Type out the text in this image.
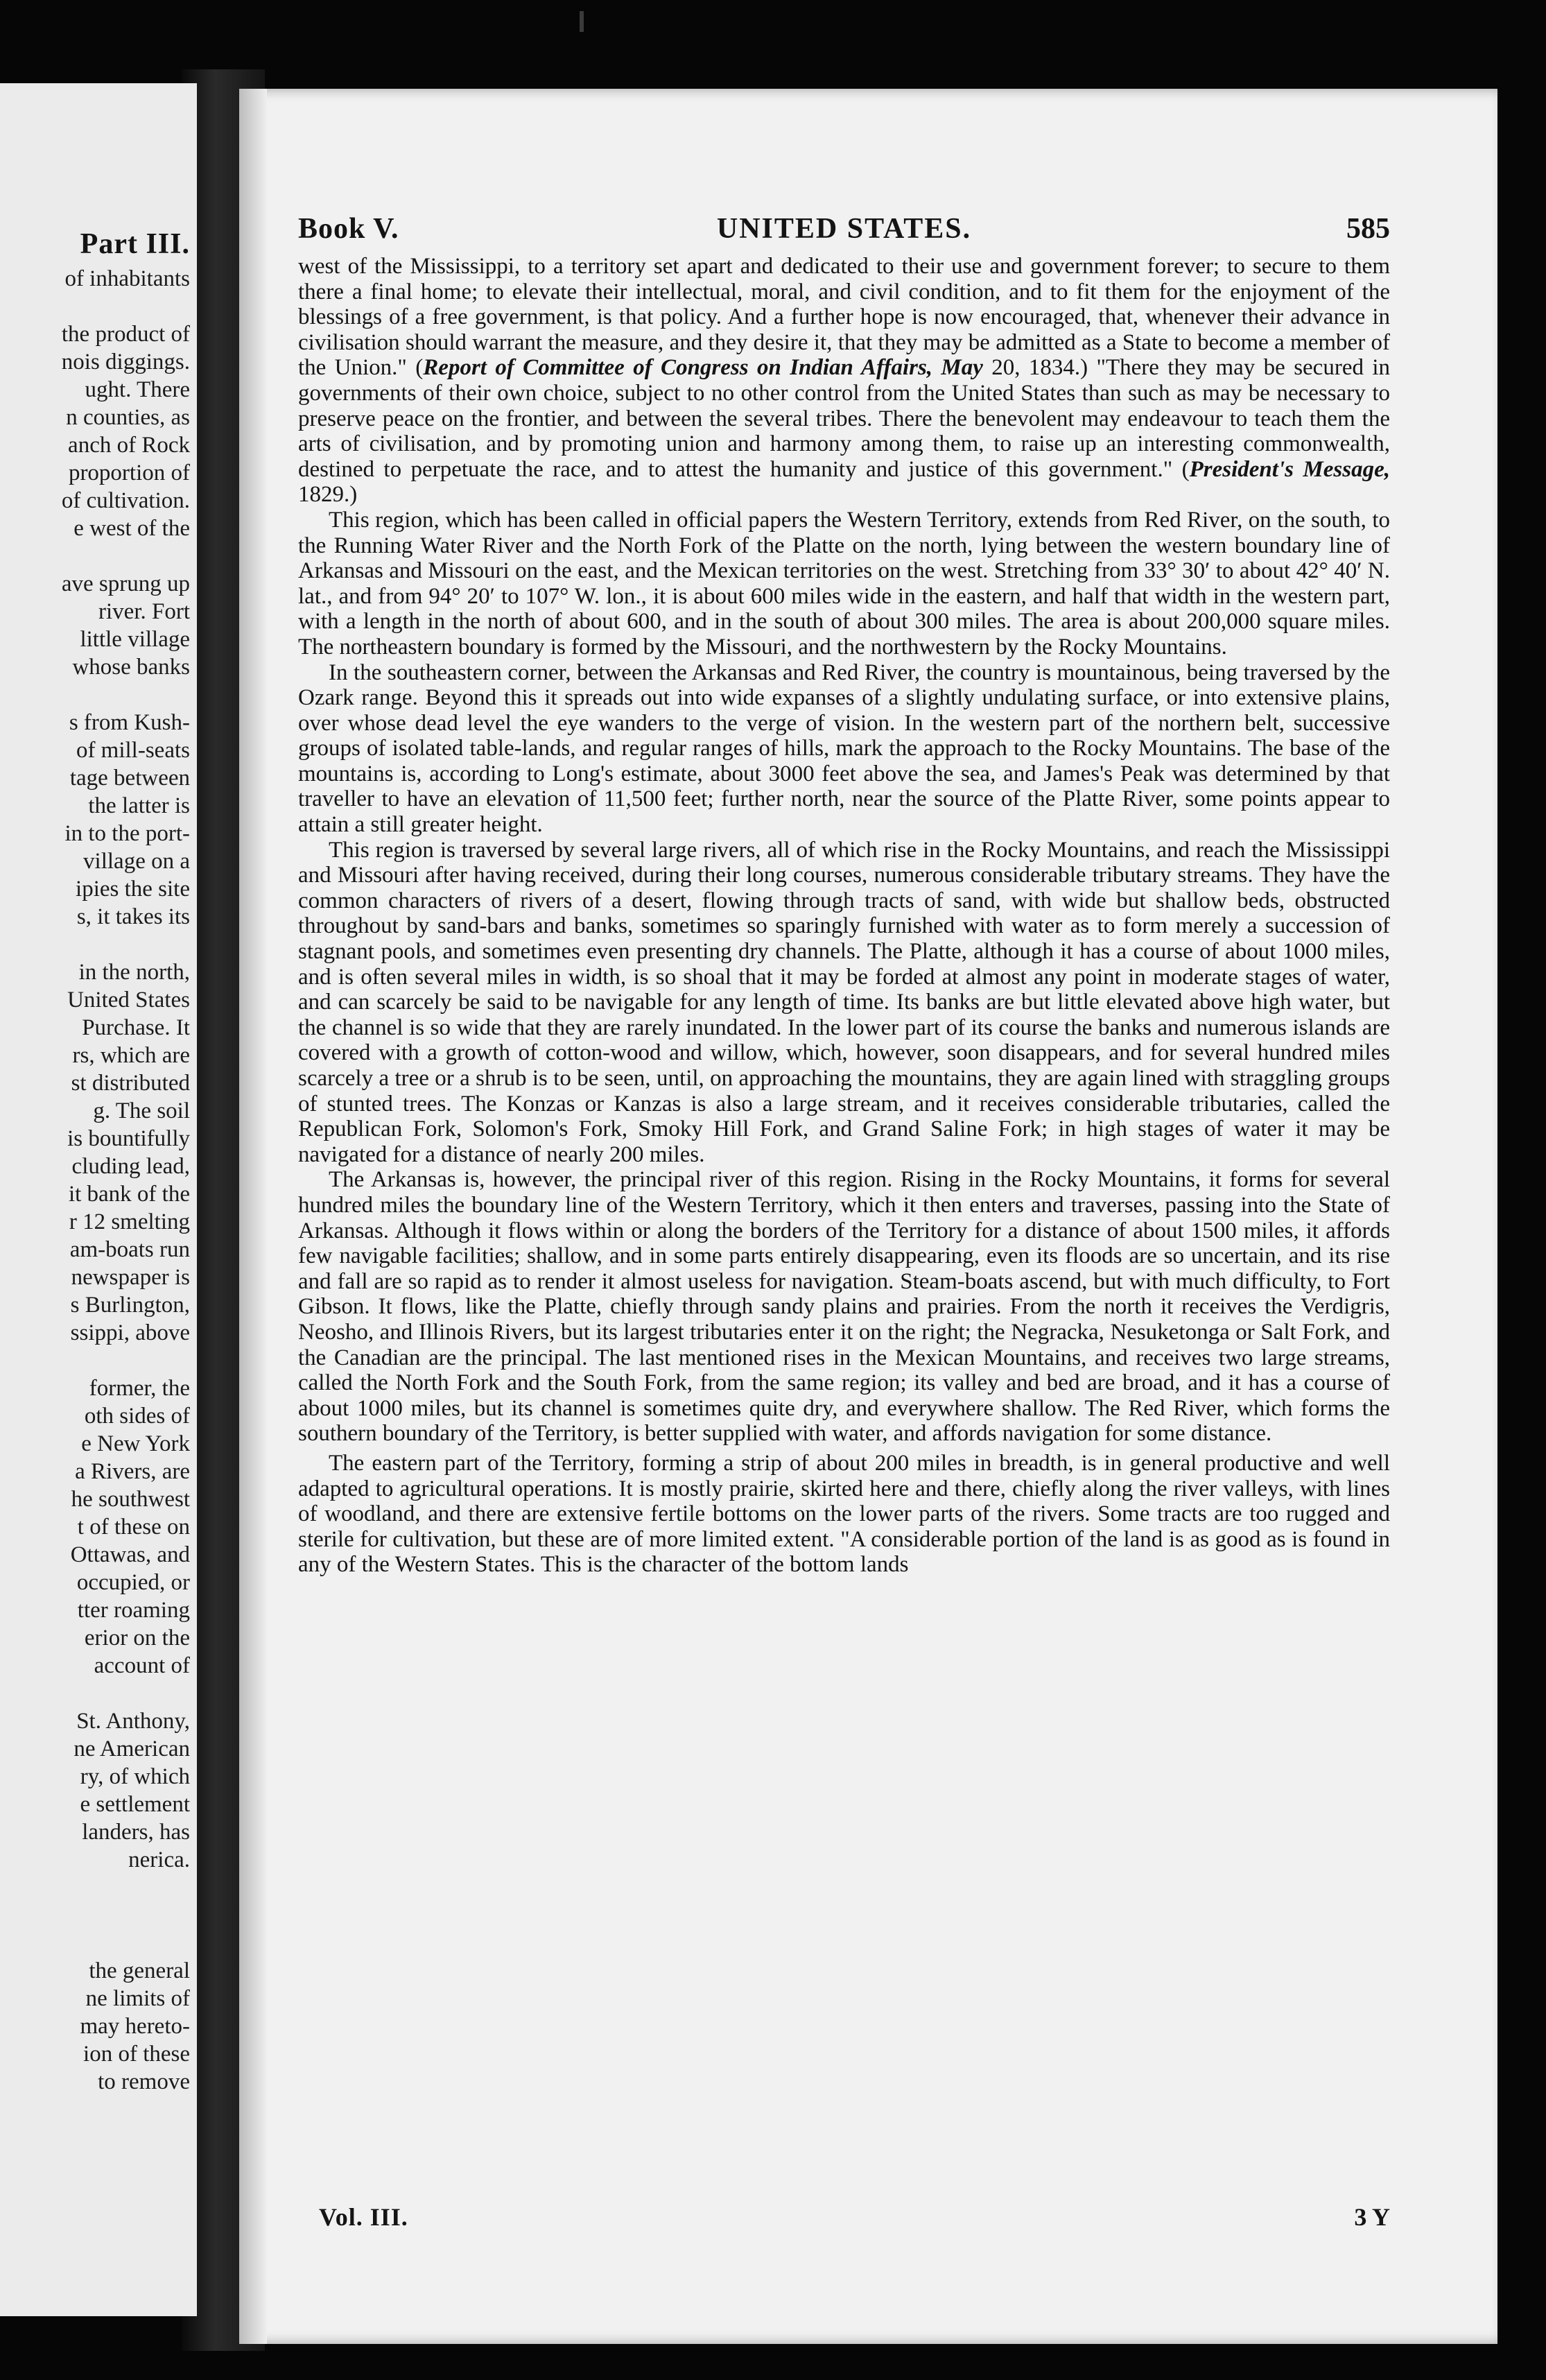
Part III.
of inhabitants
the product of
nois diggings.
ught. There
n counties, as
anch of Rock
proportion of
of cultivation.
e west of the
ave sprung up
river. Fort
little village
whose banks
s from Kush-
of mill-seats
tage between
the latter is
in to the port-
village on a
ipies the site
s, it takes its
in the north,
United States
Purchase. It
rs, which are
st distributed
g. The soil
is bountifully
cluding lead,
it bank of the
r 12 smelting
am-boats run
newspaper is
s Burlington,
ssippi, above
former, the
oth sides of
e New York
a Rivers, are
he southwest
t of these on
Ottawas, and
occupied, or
tter roaming
erior on the
account of
St. Anthony,
ne American
ry, of which
e settlement
landers, has
nerica.
the general
ne limits of
may hereto-
ion of these
to remove
Book V.	UNITED STATES.	585

west of the Mississippi, to a territory set apart and dedicated to their use and government forever; to secure to them there a final home; to elevate their intellectual, moral, and civil condition, and to fit them for the enjoyment of the blessings of a free government, is that policy. And a further hope is now encouraged, that, whenever their advance in civilisation should warrant the measure, and they desire it, that they may be admitted as a State to become a member of the Union." (Report of Committee of Congress on Indian Affairs, May 20, 1834.) "There they may be secured in governments of their own choice, subject to no other control from the United States than such as may be necessary to preserve peace on the frontier, and between the several tribes. There the benevolent may endeavour to teach them the arts of civilisation, and by promoting union and harmony among them, to raise up an interesting commonwealth, destined to perpetuate the race, and to attest the humanity and justice of this government." (President's Message, 1829.)

This region, which has been called in official papers the Western Territory, extends from Red River, on the south, to the Running Water River and the North Fork of the Platte on the north, lying between the western boundary line of Arkansas and Missouri on the east, and the Mexican territories on the west. Stretching from 33° 30′ to about 42° 40′ N. lat., and from 94° 20′ to 107° W. lon., it is about 600 miles wide in the eastern, and half that width in the western part, with a length in the north of about 600, and in the south of about 300 miles. The area is about 200,000 square miles. The northeastern boundary is formed by the Missouri, and the northwestern by the Rocky Mountains.

In the southeastern corner, between the Arkansas and Red River, the country is mountainous, being traversed by the Ozark range. Beyond this it spreads out into wide expanses of a slightly undulating surface, or into extensive plains, over whose dead level the eye wanders to the verge of vision. In the western part of the northern belt, successive groups of isolated table-lands, and regular ranges of hills, mark the approach to the Rocky Mountains. The base of the mountains is, according to Long's estimate, about 3000 feet above the sea, and James's Peak was determined by that traveller to have an elevation of 11,500 feet; further north, near the source of the Platte River, some points appear to attain a still greater height.

This region is traversed by several large rivers, all of which rise in the Rocky Mountains, and reach the Mississippi and Missouri after having received, during their long courses, numerous considerable tributary streams. They have the common characters of rivers of a desert, flowing through tracts of sand, with wide but shallow beds, obstructed throughout by sand-bars and banks, sometimes so sparingly furnished with water as to form merely a succession of stagnant pools, and sometimes even presenting dry channels. The Platte, although it has a course of about 1000 miles, and is often several miles in width, is so shoal that it may be forded at almost any point in moderate stages of water, and can scarcely be said to be navigable for any length of time. Its banks are but little elevated above high water, but the channel is so wide that they are rarely inundated. In the lower part of its course the banks and numerous islands are covered with a growth of cotton-wood and willow, which, however, soon disappears, and for several hundred miles scarcely a tree or a shrub is to be seen, until, on approaching the mountains, they are again lined with straggling groups of stunted trees. The Konzas or Kanzas is also a large stream, and it receives considerable tributaries, called the Republican Fork, Solomon's Fork, Smoky Hill Fork, and Grand Saline Fork; in high stages of water it may be navigated for a distance of nearly 200 miles.

The Arkansas is, however, the principal river of this region. Rising in the Rocky Mountains, it forms for several hundred miles the boundary line of the Western Territory, which it then enters and traverses, passing into the State of Arkansas. Although it flows within or along the borders of the Territory for a distance of about 1500 miles, it affords few navigable facilities; shallow, and in some parts entirely disappearing, even its floods are so uncertain, and its rise and fall are so rapid as to render it almost useless for navigation. Steam-boats ascend, but with much difficulty, to Fort Gibson. It flows, like the Platte, chiefly through sandy plains and prairies. From the north it receives the Verdigris, Neosho, and Illinois Rivers, but its largest tributaries enter it on the right; the Negracka, Nesuketonga or Salt Fork, and the Canadian are the principal. The last mentioned rises in the Mexican Mountains, and receives two large streams, called the North Fork and the South Fork, from the same region; its valley and bed are broad, and it has a course of about 1000 miles, but its channel is sometimes quite dry, and everywhere shallow. The Red River, which forms the southern boundary of the Territory, is better supplied with water, and affords navigation for some distance.

The eastern part of the Territory, forming a strip of about 200 miles in breadth, is in general productive and well adapted to agricultural operations. It is mostly prairie, skirted here and there, chiefly along the river valleys, with lines of woodland, and there are extensive fertile bottoms on the lower parts of the rivers. Some tracts are too rugged and sterile for cultivation, but these are of more limited extent. "A considerable portion of the land is as good as is found in any of the Western States. This is the character of the bottom lands

Vol. III.	3 Y
